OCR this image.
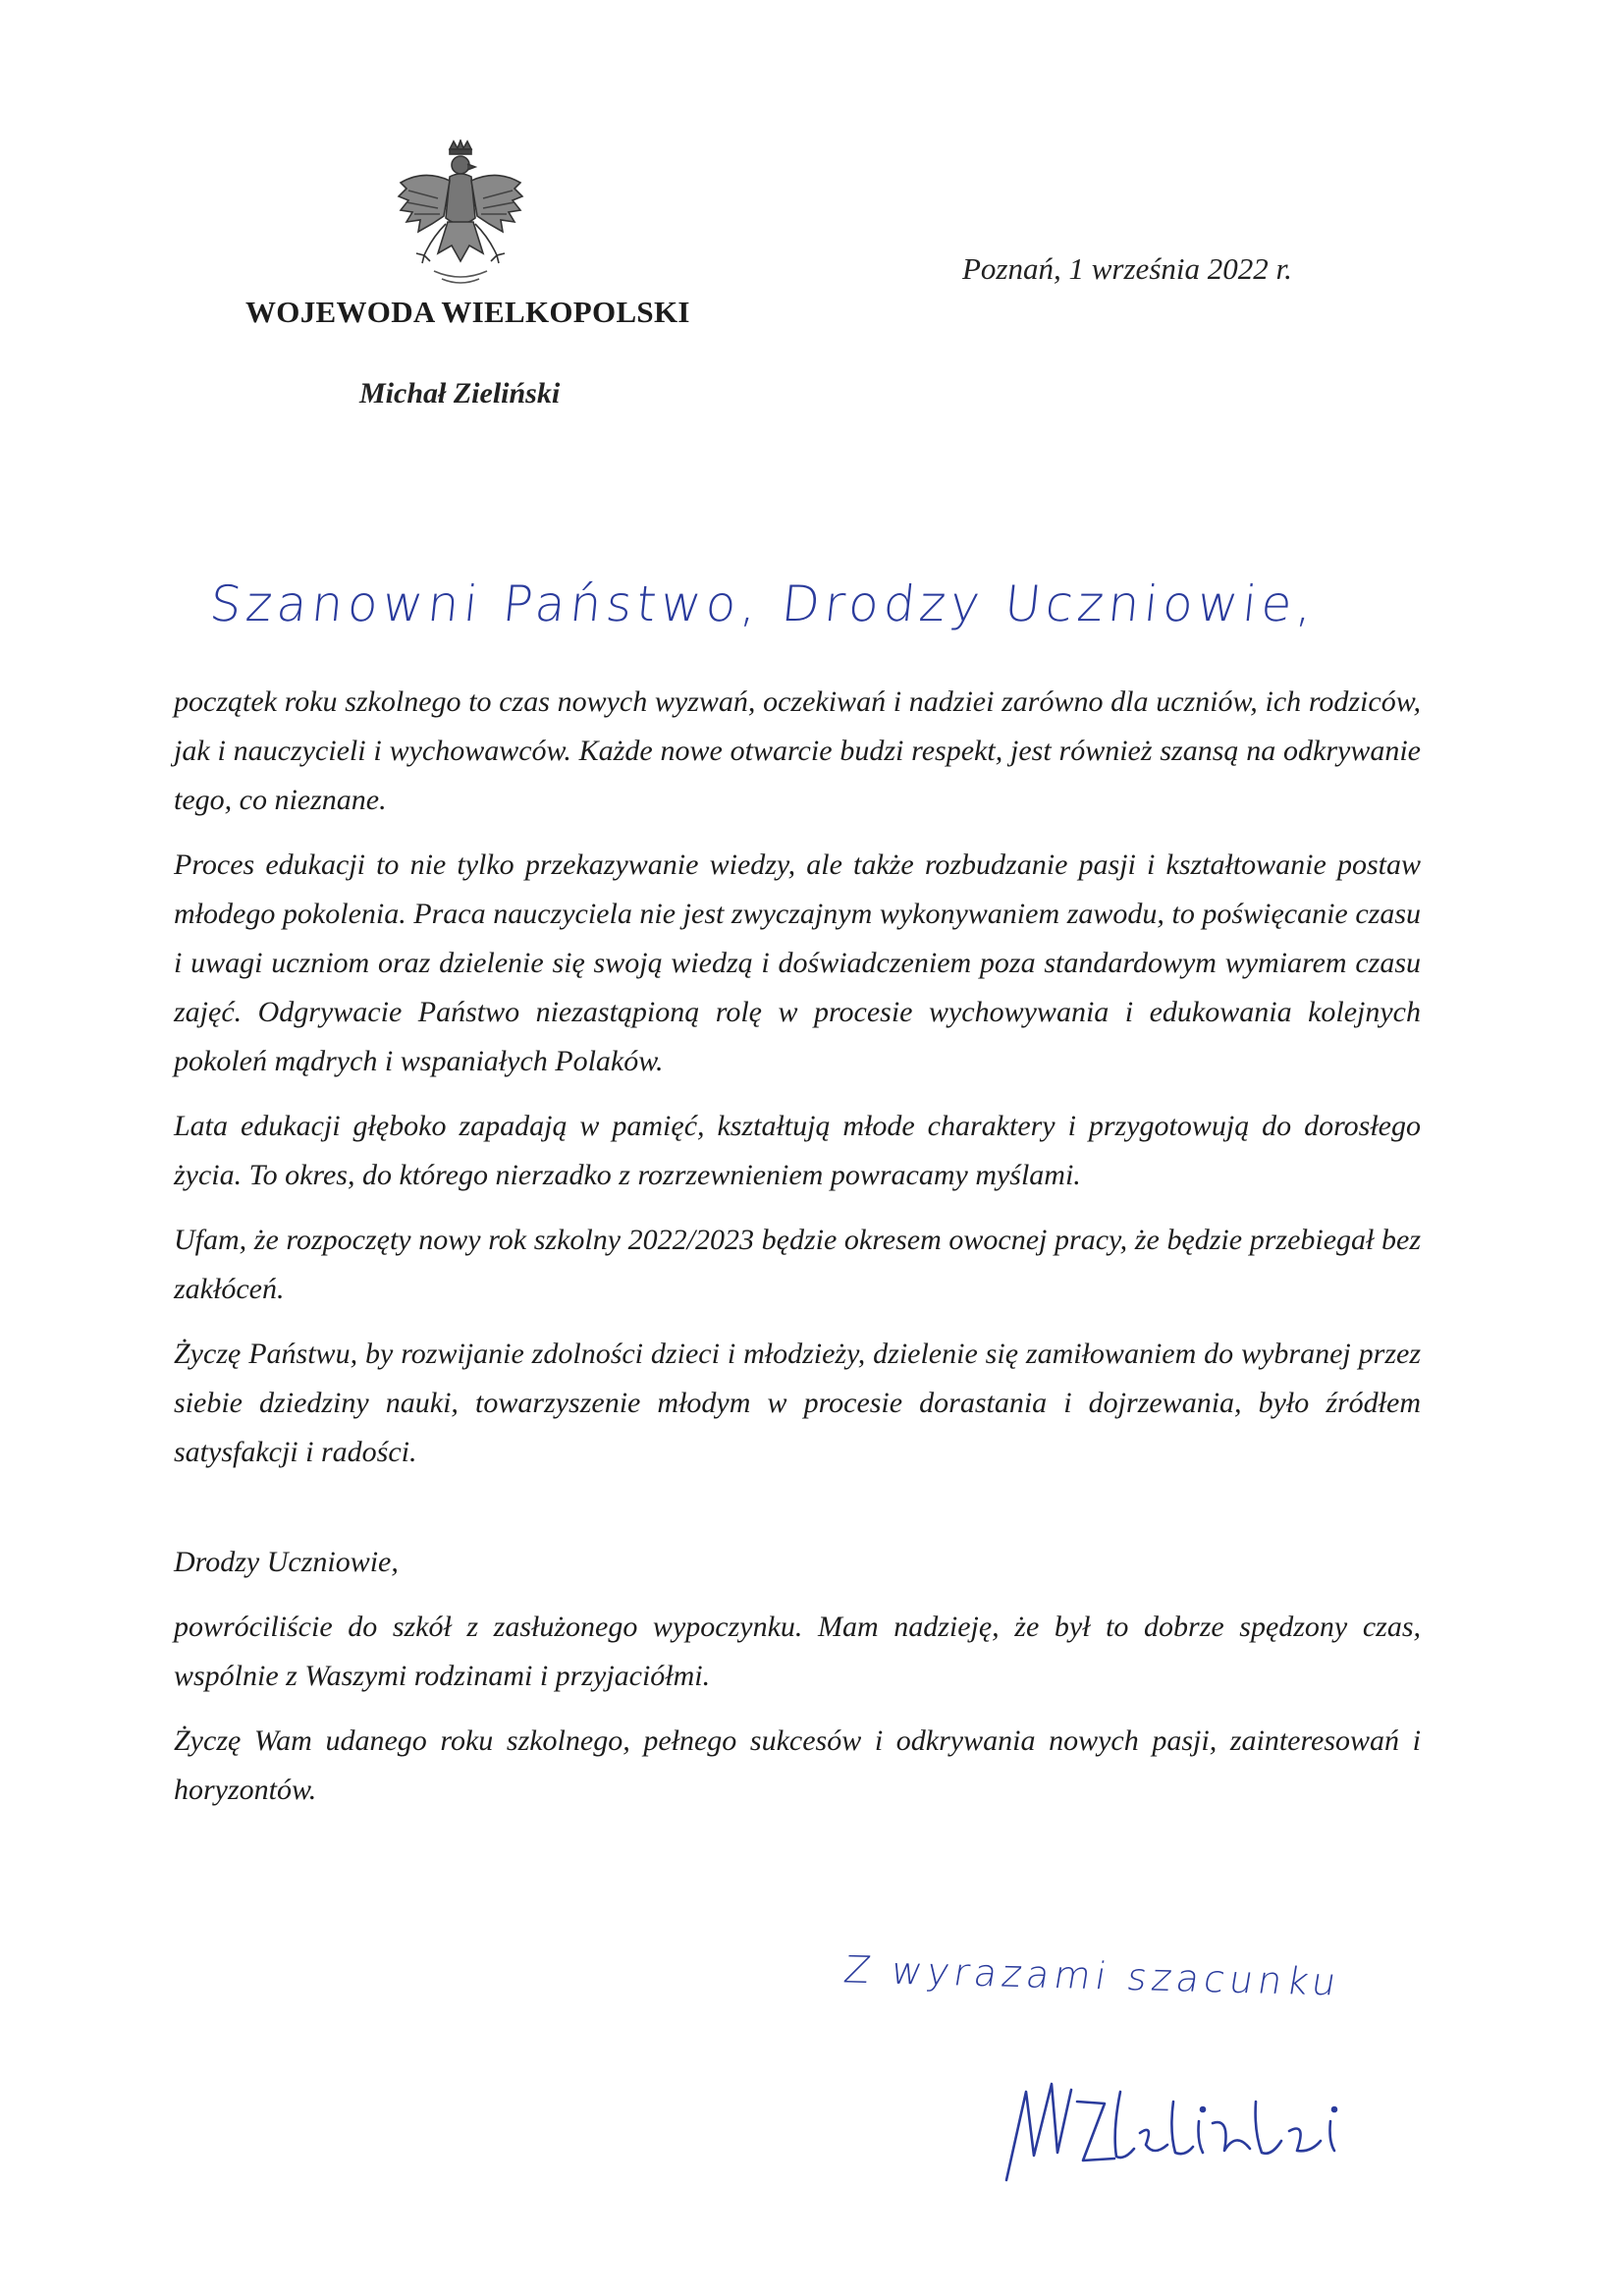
WOJEWODA WIELKOPOLSKI
Michał Zieliński
Poznań, 1 września 2022 r.
Szanowni Państwo, Drodzy Uczniowie,

początek roku szkolnego to czas nowych wyzwań, oczekiwań i nadziei zarówno dla uczniów, ich rodziców, jak i nauczycieli i wychowawców. Każde nowe otwarcie budzi respekt, jest również szansą na odkrywanie tego, co nieznane.

Proces edukacji to nie tylko przekazywanie wiedzy, ale także rozbudzanie pasji i kształtowanie postaw młodego pokolenia. Praca nauczyciela nie jest zwyczajnym wykonywaniem zawodu, to poświęcanie czasu i uwagi uczniom oraz dzielenie się swoją wiedzą i doświadczeniem poza standardowym wymiarem czasu zajęć. Odgrywacie Państwo niezastąpioną rolę w procesie wychowywania i edukowania kolejnych pokoleń mądrych i wspaniałych Polaków.

Lata edukacji głęboko zapadają w pamięć, kształtują młode charaktery i przygotowują do dorosłego życia. To okres, do którego nierzadko z rozrzewnieniem powracamy myślami.

Ufam, że rozpoczęty nowy rok szkolny 2022/2023 będzie okresem owocnej pracy, że będzie przebiegał bez zakłóceń.

Życzę Państwu, by rozwijanie zdolności dzieci i młodzieży, dzielenie się zamiłowaniem do wybranej przez siebie dziedziny nauki, towarzyszenie młodym w procesie dorastania i dojrzewania, było źródłem satysfakcji i radości.

Drodzy Uczniowie,

powróciliście do szkół z zasłużonego wypoczynku. Mam nadzieję, że był to dobrze spędzony czas, wspólnie z Waszymi rodzinami i przyjaciółmi.

Życzę Wam udanego roku szkolnego, pełnego sukcesów i odkrywania nowych pasji, zainteresowań i horyzontów.

Z wyrazami szacunku
